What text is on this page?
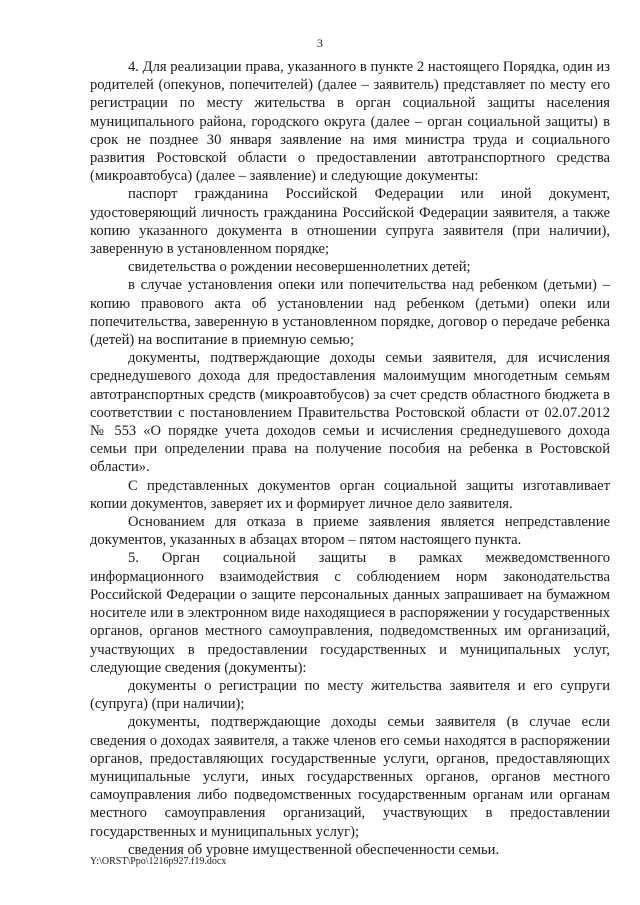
3

4. Для реализации права, указанного в пункте 2 настоящего Порядка, один из родителей (опекунов, попечителей) (далее – заявитель) представляет по месту его регистрации по месту жительства в орган социальной защиты населения муниципального района, городского округа (далее – орган социальной защиты) в срок не позднее 30 января заявление на имя министра труда и социального развития Ростовской области о предоставлении автотранспортного средства (микроавтобуса) (далее – заявление) и следующие документы:

паспорт гражданина Российской Федерации или иной документ, удостоверяющий личность гражданина Российской Федерации заявителя, а также копию указанного документа в отношении супруга заявителя (при наличии), заверенную в установленном порядке;

свидетельства о рождении несовершеннолетних детей;

в случае установления опеки или попечительства над ребенком (детьми) – копию правового акта об установлении над ребенком (детьми) опеки или попечительства, заверенную в установленном порядке, договор о передаче ребенка (детей) на воспитание в приемную семью;

документы, подтверждающие доходы семьи заявителя, для исчисления среднедушевого дохода для предоставления малоимущим многодетным семьям автотранспортных средств (микроавтобусов) за счет средств областного бюджета в соответствии с постановлением Правительства Ростовской области от 02.07.2012 № 553 «О порядке учета доходов семьи и исчисления среднедушевого дохода семьи при определении права на получение пособия на ребенка в Ростовской области».

С представленных документов орган социальной защиты изготавливает копии документов, заверяет их и формирует личное дело заявителя.

Основанием для отказа в приеме заявления является непредставление документов, указанных в абзацах втором – пятом настоящего пункта.

5. Орган социальной защиты в рамках межведомственного информационного взаимодействия с соблюдением норм законодательства Российской Федерации о защите персональных данных запрашивает на бумажном носителе или в электронном виде находящиеся в распоряжении у государственных органов, органов местного самоуправления, подведомственных им организаций, участвующих в предоставлении государственных и муниципальных услуг, следующие сведения (документы):

документы о регистрации по месту жительства заявителя и его супруги (супруга) (при наличии);

документы, подтверждающие доходы семьи заявителя (в случае если сведения о доходах заявителя, а также членов его семьи находятся в распоряжении органов, предоставляющих государственные услуги, органов, предоставляющих муниципальные услуги, иных государственных органов, органов местного самоуправления либо подведомственных государственным органам или органам местного самоуправления организаций, участвующих в предоставлении государственных и муниципальных услуг);

сведения об уровне имущественной обеспеченности семьи.

Y:\ORST\Ppo\1216p927.f19.docx
